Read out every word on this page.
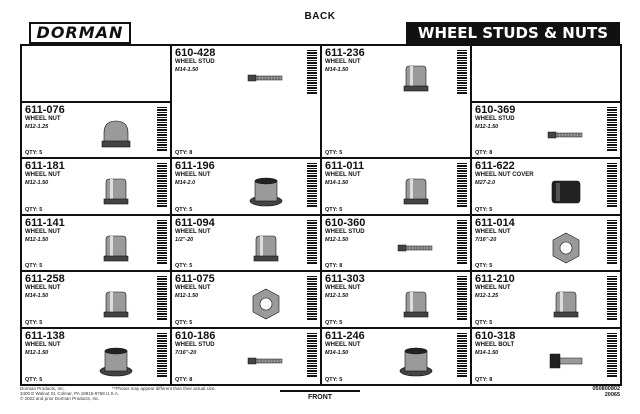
BACK
DORMAN	WHEEL STUDS & NUTS
610-428
WHEEL STUD
M14-1.50
QTY: 8
611-236
WHEEL NUT
M14-1.50
QTY: 5
611-076
WHEEL NUT
M12-1.25
QTY: 5
610-369
WHEEL STUD
M12-1.50
QTY: 8
611-181
WHEEL NUT
M12-1.50
QTY: 5
611-196
WHEEL NUT
M14-2.0
QTY: 5
611-011
WHEEL NUT
M14-1.50
QTY: 5
611-622
WHEEL NUT COVER
M27-2.0
QTY: 5
611-141
WHEEL NUT
M12-1.50
QTY: 5
611-094
WHEEL NUT
1/2"-20
QTY: 5
610-360
WHEEL STUD
M12-1.50
QTY: 8
611-014
WHEEL NUT
7/16"-20
QTY: 5
611-258
WHEEL NUT
M14-1.50
QTY: 5
611-075
WHEEL NUT
M12-1.50
QTY: 5
611-303
WHEEL NUT
M12-1.50
QTY: 5
611-210
WHEEL NUT
M12-1.25
QTY: 5
611-138
WHEEL NUT
M12-1.50
QTY: 5
610-186
WHEEL STUD
7/16"-20
QTY: 8
611-246
WHEEL NUT
M14-1.50
QTY: 5
610-318
WHEEL BOLT
M14-1.50
QTY: 8
Dorman Products, Inc.
3400 E Walnut St, Colmar, PA 18915-9768 U.S.A.
© 2022 and prior Dorman Products, Inc.
**Photos may appear different than their actual size.
FRONT
050800802
20065
